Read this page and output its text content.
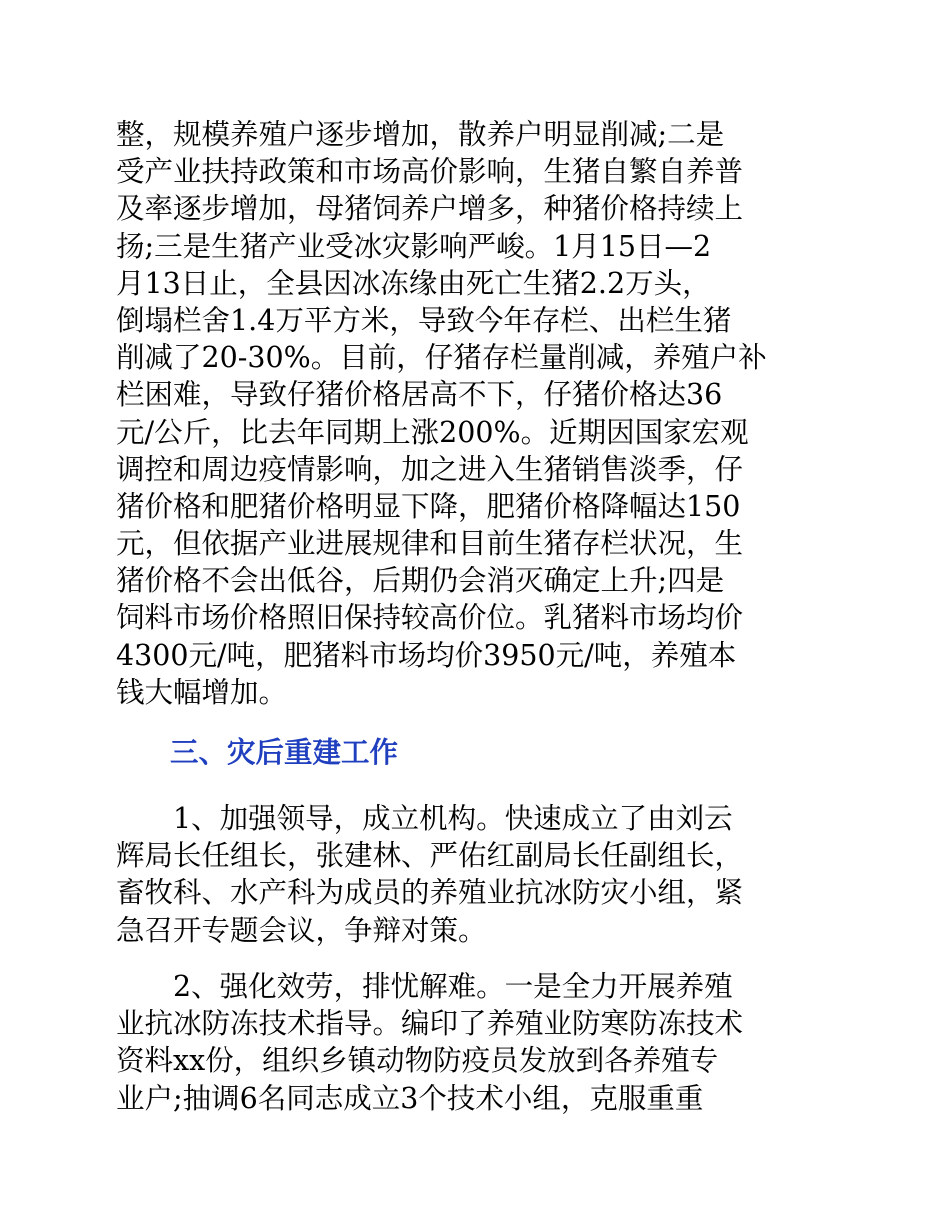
整，规模养殖户逐步增加，散养户明显削减;二是
受产业扶持政策和市场高价影响，生猪自繁自养普
及率逐步增加，母猪饲养户增多，种猪价格持续上
扬;三是生猪产业受冰灾影响严峻。1月15日—2
月13日止，全县因冰冻缘由死亡生猪2.2万头，
倒塌栏舍1.4万平方米，导致今年存栏、出栏生猪
削减了20-30%。目前，仔猪存栏量削减，养殖户补
栏困难，导致仔猪价格居高不下，仔猪价格达36
元/公斤，比去年同期上涨200%。近期因国家宏观
调控和周边疫情影响，加之进入生猪销售淡季，仔
猪价格和肥猪价格明显下降，肥猪价格降幅达150
元，但依据产业进展规律和目前生猪存栏状况，生
猪价格不会出低谷，后期仍会消灭确定上升;四是
饲料市场价格照旧保持较高价位。乳猪料市场均价
4300元/吨，肥猪料市场均价3950元/吨，养殖本
钱大幅增加。
三、灾后重建工作
　　1、加强领导，成立机构。快速成立了由刘云
辉局长任组长，张建林、严佑红副局长任副组长，
畜牧科、水产科为成员的养殖业抗冰防灾小组，紧
急召开专题会议，争辩对策。
　　2、强化效劳，排忧解难。一是全力开展养殖
业抗冰防冻技术指导。编印了养殖业防寒防冻技术
资料xx份，组织乡镇动物防疫员发放到各养殖专
业户;抽调6名同志成立3个技术小组，克服重重
